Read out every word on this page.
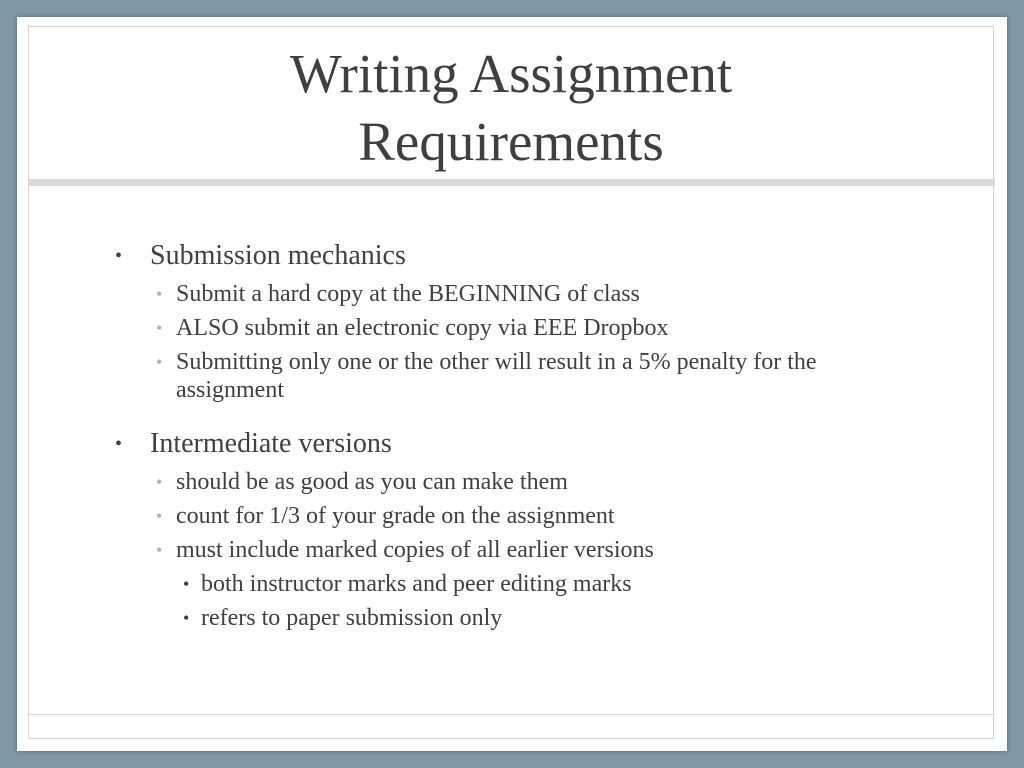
Writing Assignment
Requirements
• Submission mechanics
• Submit a hard copy at the BEGINNING of class
• ALSO submit an electronic copy via EEE Dropbox
• Submitting only one or the other will result in a 5% penalty for the assignment
• Intermediate versions
• should be as good as you can make them
• count for 1/3 of your grade on the assignment
• must include marked copies of all earlier versions
• both instructor marks and peer editing marks
• refers to paper submission only
